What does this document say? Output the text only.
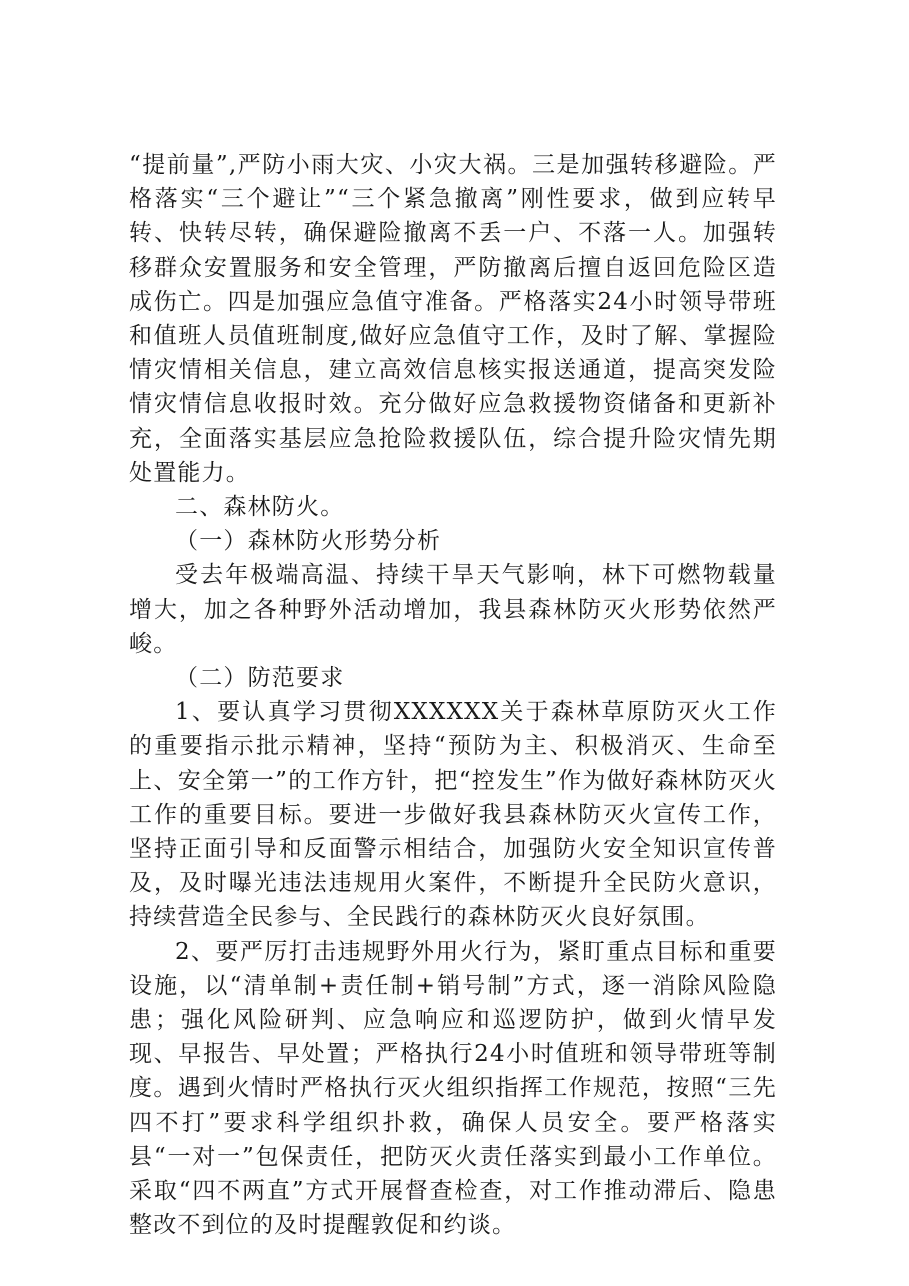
“提前量”,严防小雨大灾、小灾大祸。三是加强转移避险。严格落实“三个避让”“三个紧急撤离”刚性要求，做到应转早转、快转尽转，确保避险撤离不丢一户、不落一人。加强转移群众安置服务和安全管理，严防撤离后擅自返回危险区造成伤亡。四是加强应急值守准备。严格落实24小时领导带班和值班人员值班制度,做好应急值守工作，及时了解、掌握险情灾情相关信息，建立高效信息核实报送通道，提高突发险情灾情信息收报时效。充分做好应急救援物资储备和更新补充，全面落实基层应急抢险救援队伍，综合提升险灾情先期处置能力。

二、森林防火。

（一）森林防火形势分析

受去年极端高温、持续干旱天气影响，林下可燃物载量增大，加之各种野外活动增加，我县森林防灭火形势依然严峻。

（二）防范要求

1、要认真学习贯彻XXXXXX关于森林草原防灭火工作的重要指示批示精神，坚持“预防为主、积极消灭、生命至上、安全第一”的工作方针，把“控发生”作为做好森林防灭火工作的重要目标。要进一步做好我县森林防灭火宣传工作，坚持正面引导和反面警示相结合，加强防火安全知识宣传普及，及时曝光违法违规用火案件，不断提升全民防火意识，持续营造全民参与、全民践行的森林防灭火良好氛围。

2、要严厉打击违规野外用火行为，紧盯重点目标和重要设施，以“清单制+责任制+销号制”方式，逐一消除风险隐患；强化风险研判、应急响应和巡逻防护，做到火情早发现、早报告、早处置；严格执行24小时值班和领导带班等制度。遇到火情时严格执行灭火组织指挥工作规范，按照“三先四不打”要求科学组织扑救，确保人员安全。要严格落实县“一对一”包保责任，把防灭火责任落实到最小工作单位。采取“四不两直”方式开展督查检查，对工作推动滞后、隐患整改不到位的及时提醒敦促和约谈。
